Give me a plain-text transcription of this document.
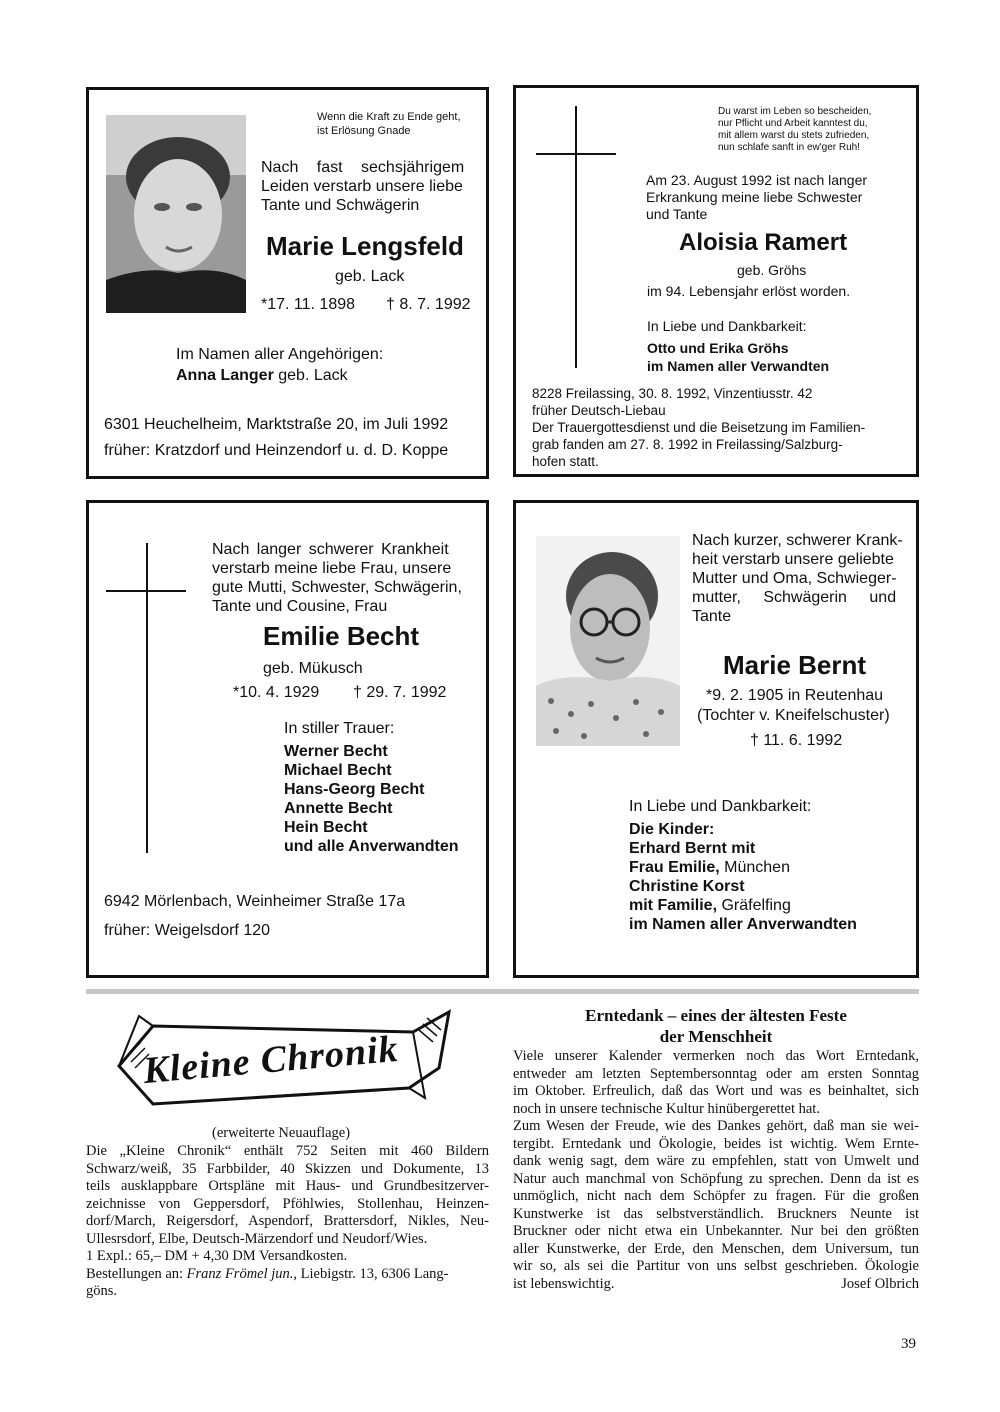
Wenn die Kraft zu Ende geht,
ist Erlösung Gnade
Nach fast sechsjährigem
Leiden verstarb unsere liebe
Tante und Schwägerin
Marie Lengsfeld
geb. Lack
*17. 11. 1898 † 8. 7. 1992
Im Namen aller Angehörigen:
Anna Langer geb. Lack
6301 Heuchelheim, Marktstraße 20, im Juli 1992
früher: Kratzdorf und Heinzendorf u. d. D. Koppe
Du warst im Leben so bescheiden,
nur Pflicht und Arbeit kanntest du,
mit allem warst du stets zufrieden,
nun schlafe sanft in ew'ger Ruh!
Am 23. August 1992 ist nach langer
Erkrankung meine liebe Schwester
und Tante
Aloisia Ramert
geb. Gröhs
im 94. Lebensjahr erlöst worden.
In Liebe und Dankbarkeit:
Otto und Erika Gröhs
im Namen aller Verwandten
8228 Freilassing, 30. 8. 1992, Vinzentiusstr. 42
früher Deutsch-Liebau
Der Trauergottesdienst und die Beisetzung im Familien-
grab fanden am 27. 8. 1992 in Freilassing/Salzburg-
hofen statt.
Nach langer schwerer Krankheit
verstarb meine liebe Frau, unsere
gute Mutti, Schwester, Schwägerin,
Tante und Cousine, Frau
Emilie Becht
geb. Mükusch
*10. 4. 1929 † 29. 7. 1992
In stiller Trauer:
Werner Becht
Michael Becht
Hans-Georg Becht
Annette Becht
Hein Becht
und alle Anverwandten
6942 Mörlenbach, Weinheimer Straße 17a
früher: Weigelsdorf 120
Nach kurzer, schwerer Krank-
heit verstarb unsere geliebte
Mutter und Oma, Schwieger-
mutter, Schwägerin und
Tante
Marie Bernt
*9. 2. 1905 in Reutenhau
(Tochter v. Kneifelschuster)
† 11. 6. 1992
In Liebe und Dankbarkeit:
Die Kinder:
Erhard Bernt mit
Frau Emilie, München
Christine Korst
mit Familie, Gräfelfing
im Namen aller Anverwandten
Kleine Chronik
(erweiterte Neuauflage)
Die „Kleine Chronik“ enthält 752 Seiten mit 460 Bildern
Schwarz/weiß, 35 Farbbilder, 40 Skizzen und Dokumente, 13
teils ausklappbare Ortspläne mit Haus- und Grundbesitzerver-
zeichnisse von Geppersdorf, Pföhlwies, Stollenhau, Heinzen-
dorf/March, Reigersdorf, Aspendorf, Brattersdorf, Nikles, Neu-
Ullesrsdorf, Elbe, Deutsch-Märzendorf und Neudorf/Wies.
1 Expl.: 65,– DM + 4,30 DM Versandkosten.
Bestellungen an: Franz Frömel jun., Liebigstr. 13, 6306 Lang-
göns.
Erntedank – eines der ältesten Feste
der Menschheit
Viele unserer Kalender vermerken noch das Wort Erntedank,
entweder am letzten Septembersonntag oder am ersten Sonntag
im Oktober. Erfreulich, daß das Wort und was es beinhaltet, sich
noch in unsere technische Kultur hinübergerettet hat.
Zum Wesen der Freude, wie des Dankes gehört, daß man sie wei-
tergibt. Erntedank und Ökologie, beides ist wichtig. Wem Ernte-
dank wenig sagt, dem wäre zu empfehlen, statt von Umwelt und
Natur auch manchmal von Schöpfung zu sprechen. Denn da ist es
unmöglich, nicht nach dem Schöpfer zu fragen. Für die großen
Kunstwerke ist das selbstverständlich. Bruckners Neunte ist
Bruckner oder nicht etwa ein Unbekannter. Nur bei den größten
aller Kunstwerke, der Erde, den Menschen, dem Universum, tun
wir so, als sei die Partitur von uns selbst geschrieben. Ökologie
ist lebenswichtig.	Josef Olbrich
39
